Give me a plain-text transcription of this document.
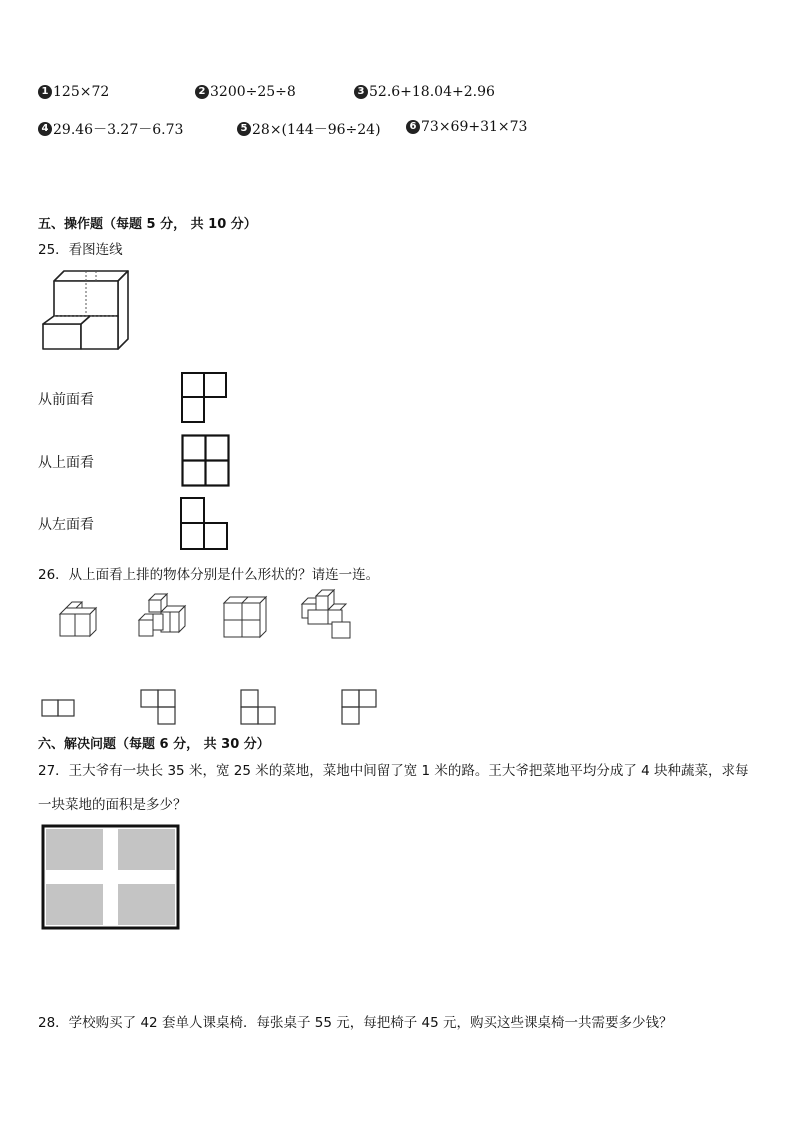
1 125×72	2 3200÷25÷8	3 52.6+18.04+2.96
4 29.46－3.27－6.73	5 28×(144－96÷24)	6 73×69+31×73
五、操作题（每题 5 分， 共 10 分）
25．看图连线
从前面看
从上面看
从左面看
26．从上面看上排的物体分别是什么形状的？请连一连。
六、解决问题（每题 6 分， 共 30 分）
27．王大爷有一块长 35 米，宽 25 米的菜地，菜地中间留了宽 1 米的路。王大爷把菜地平均分成了 4 块种蔬菜，求每
一块菜地的面积是多少？
28．学校购买了 42 套单人课桌椅．每张桌子 55 元，每把椅子 45 元，购买这些课桌椅一共需要多少钱？
